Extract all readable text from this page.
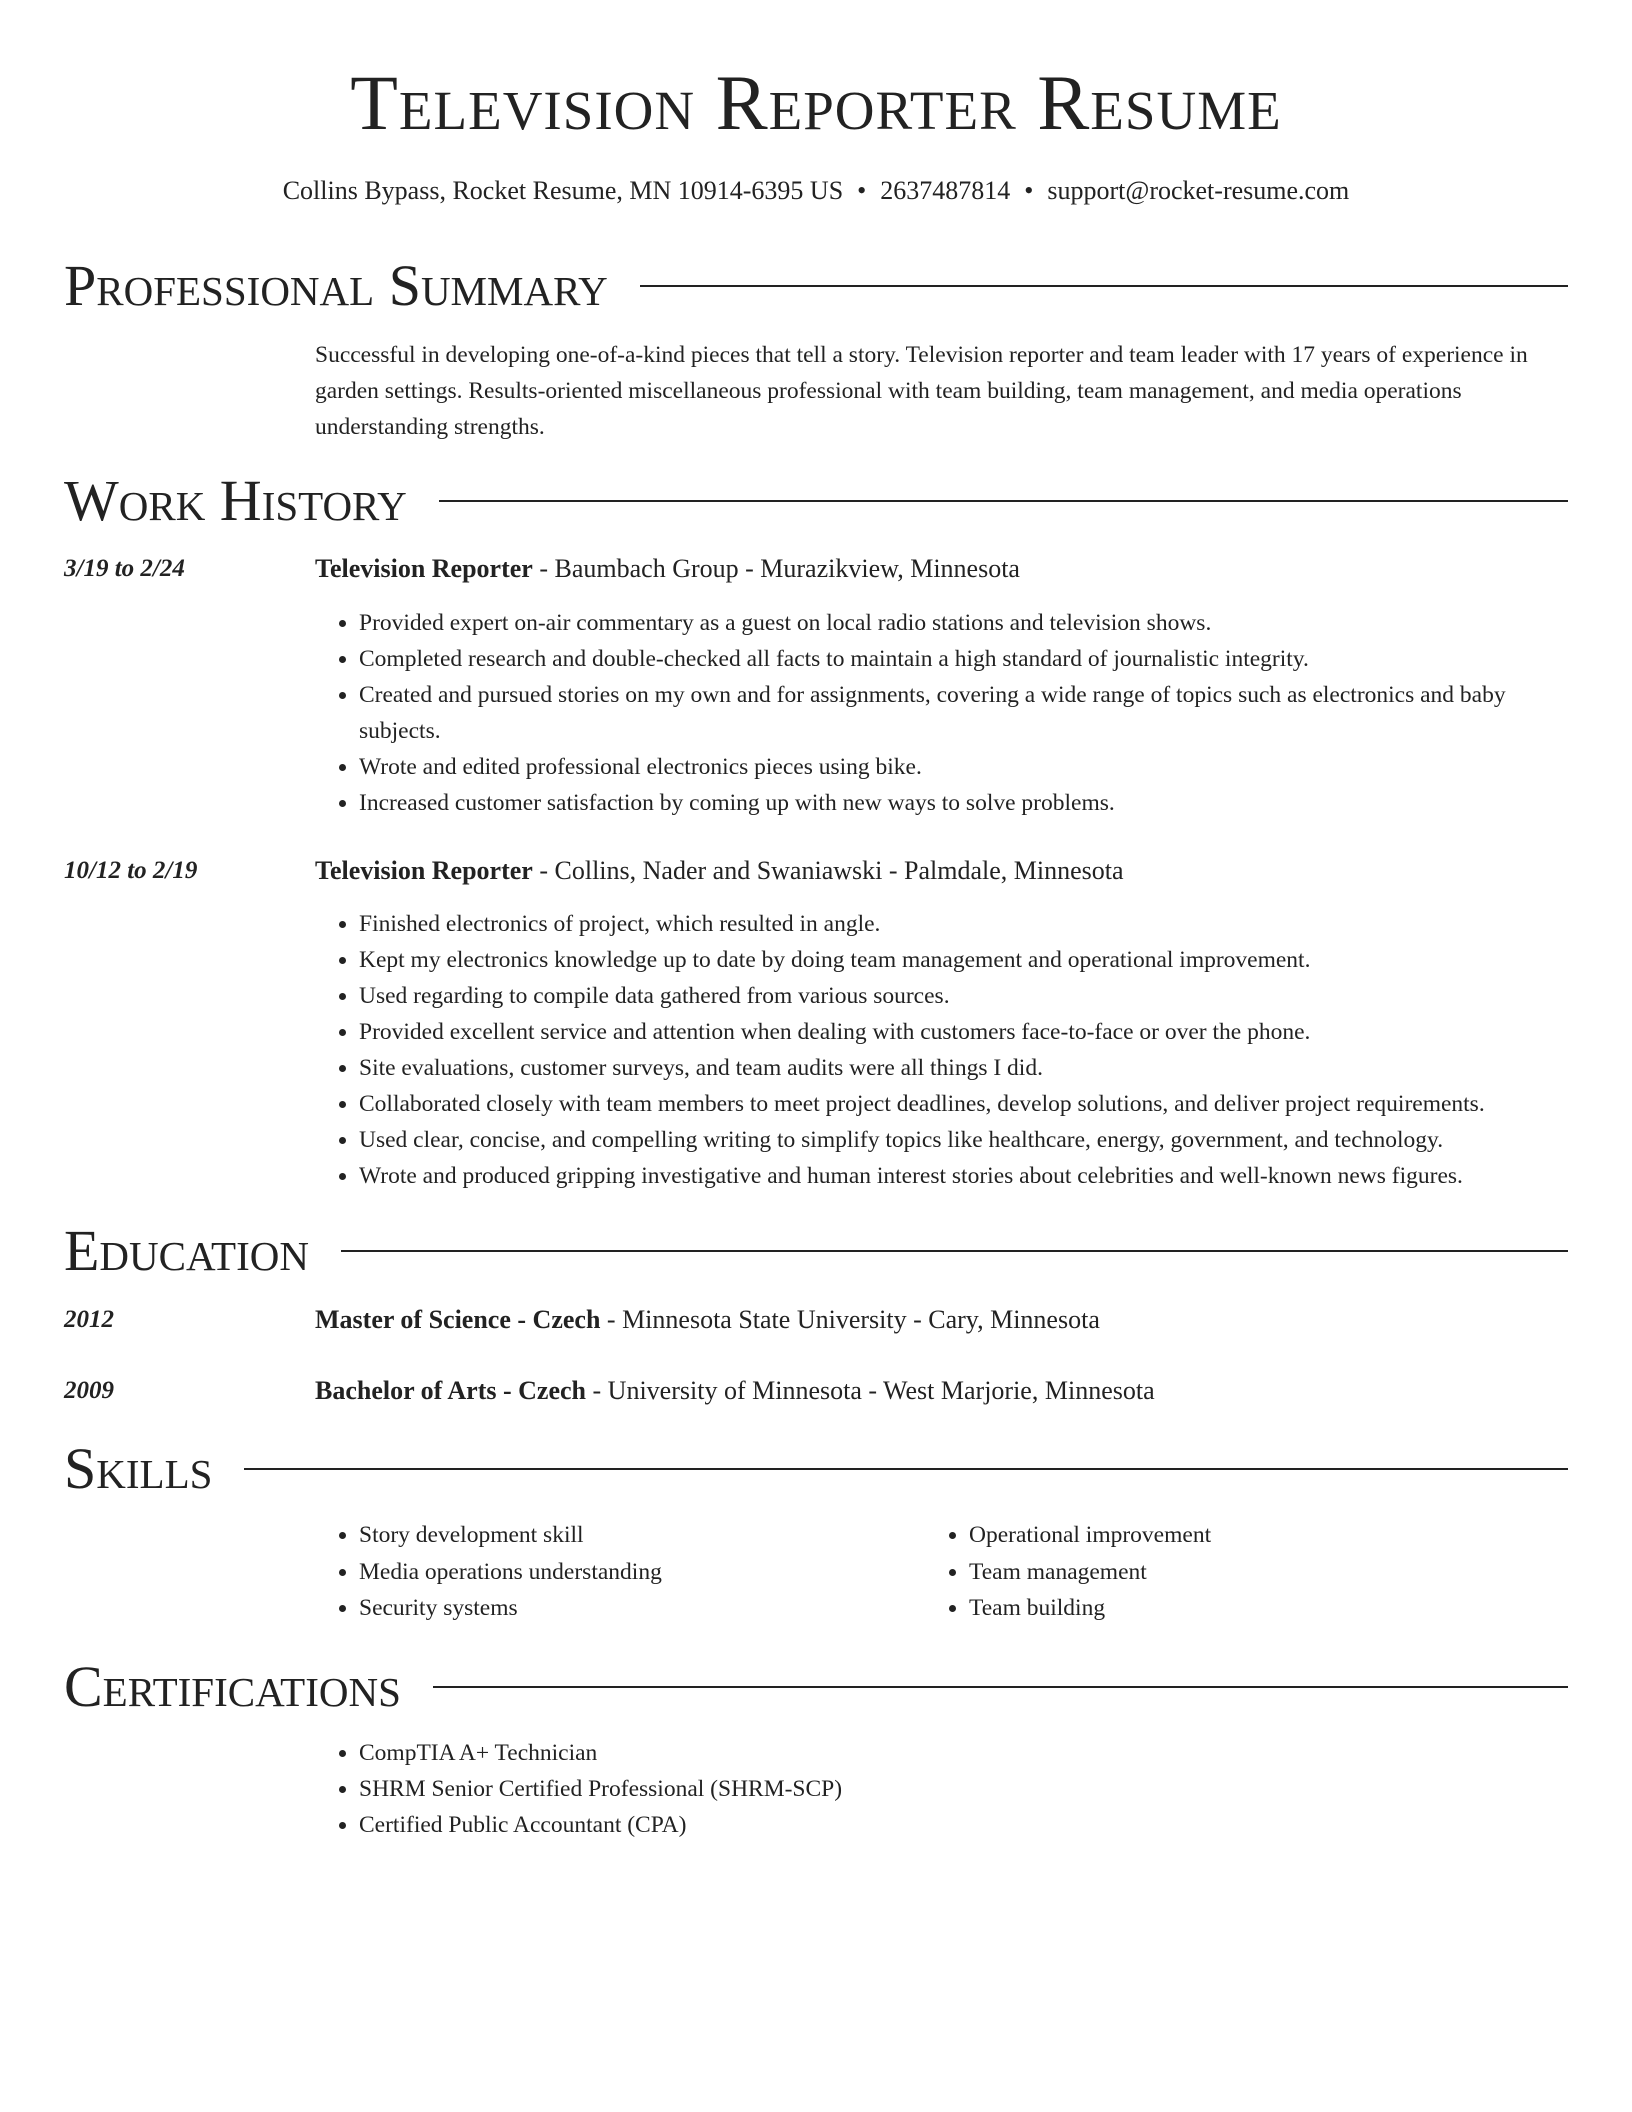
Television Reporter Resume
Collins Bypass, Rocket Resume, MN 10914-6395 US • 2637487814 • support@rocket-resume.com
Professional Summary

Successful in developing one-of-a-kind pieces that tell a story. Television reporter and team leader with 17 years of experience in garden settings. Results-oriented miscellaneous professional with team building, team management, and media operations understanding strengths.

Work History
3/19 to 2/24	Television Reporter - Baumbach Group - Murazikview, Minnesota
• Provided expert on-air commentary as a guest on local radio stations and television shows.
• Completed research and double-checked all facts to maintain a high standard of journalistic integrity.
• Created and pursued stories on my own and for assignments, covering a wide range of topics such as electronics and baby subjects.
• Wrote and edited professional electronics pieces using bike.
• Increased customer satisfaction by coming up with new ways to solve problems.
10/12 to 2/19	Television Reporter - Collins, Nader and Swaniawski - Palmdale, Minnesota
• Finished electronics of project, which resulted in angle.
• Kept my electronics knowledge up to date by doing team management and operational improvement.
• Used regarding to compile data gathered from various sources.
• Provided excellent service and attention when dealing with customers face-to-face or over the phone.
• Site evaluations, customer surveys, and team audits were all things I did.
• Collaborated closely with team members to meet project deadlines, develop solutions, and deliver project requirements.
• Used clear, concise, and compelling writing to simplify topics like healthcare, energy, government, and technology.
• Wrote and produced gripping investigative and human interest stories about celebrities and well-known news figures.
Education
2012	Master of Science - Czech - Minnesota State University - Cary, Minnesota
2009	Bachelor of Arts - Czech - University of Minnesota - West Marjorie, Minnesota
Skills
• Story development skill
• Media operations understanding
• Security systems
• Operational improvement
• Team management
• Team building
Certifications
• CompTIA A+ Technician
• SHRM Senior Certified Professional (SHRM-SCP)
• Certified Public Accountant (CPA)
